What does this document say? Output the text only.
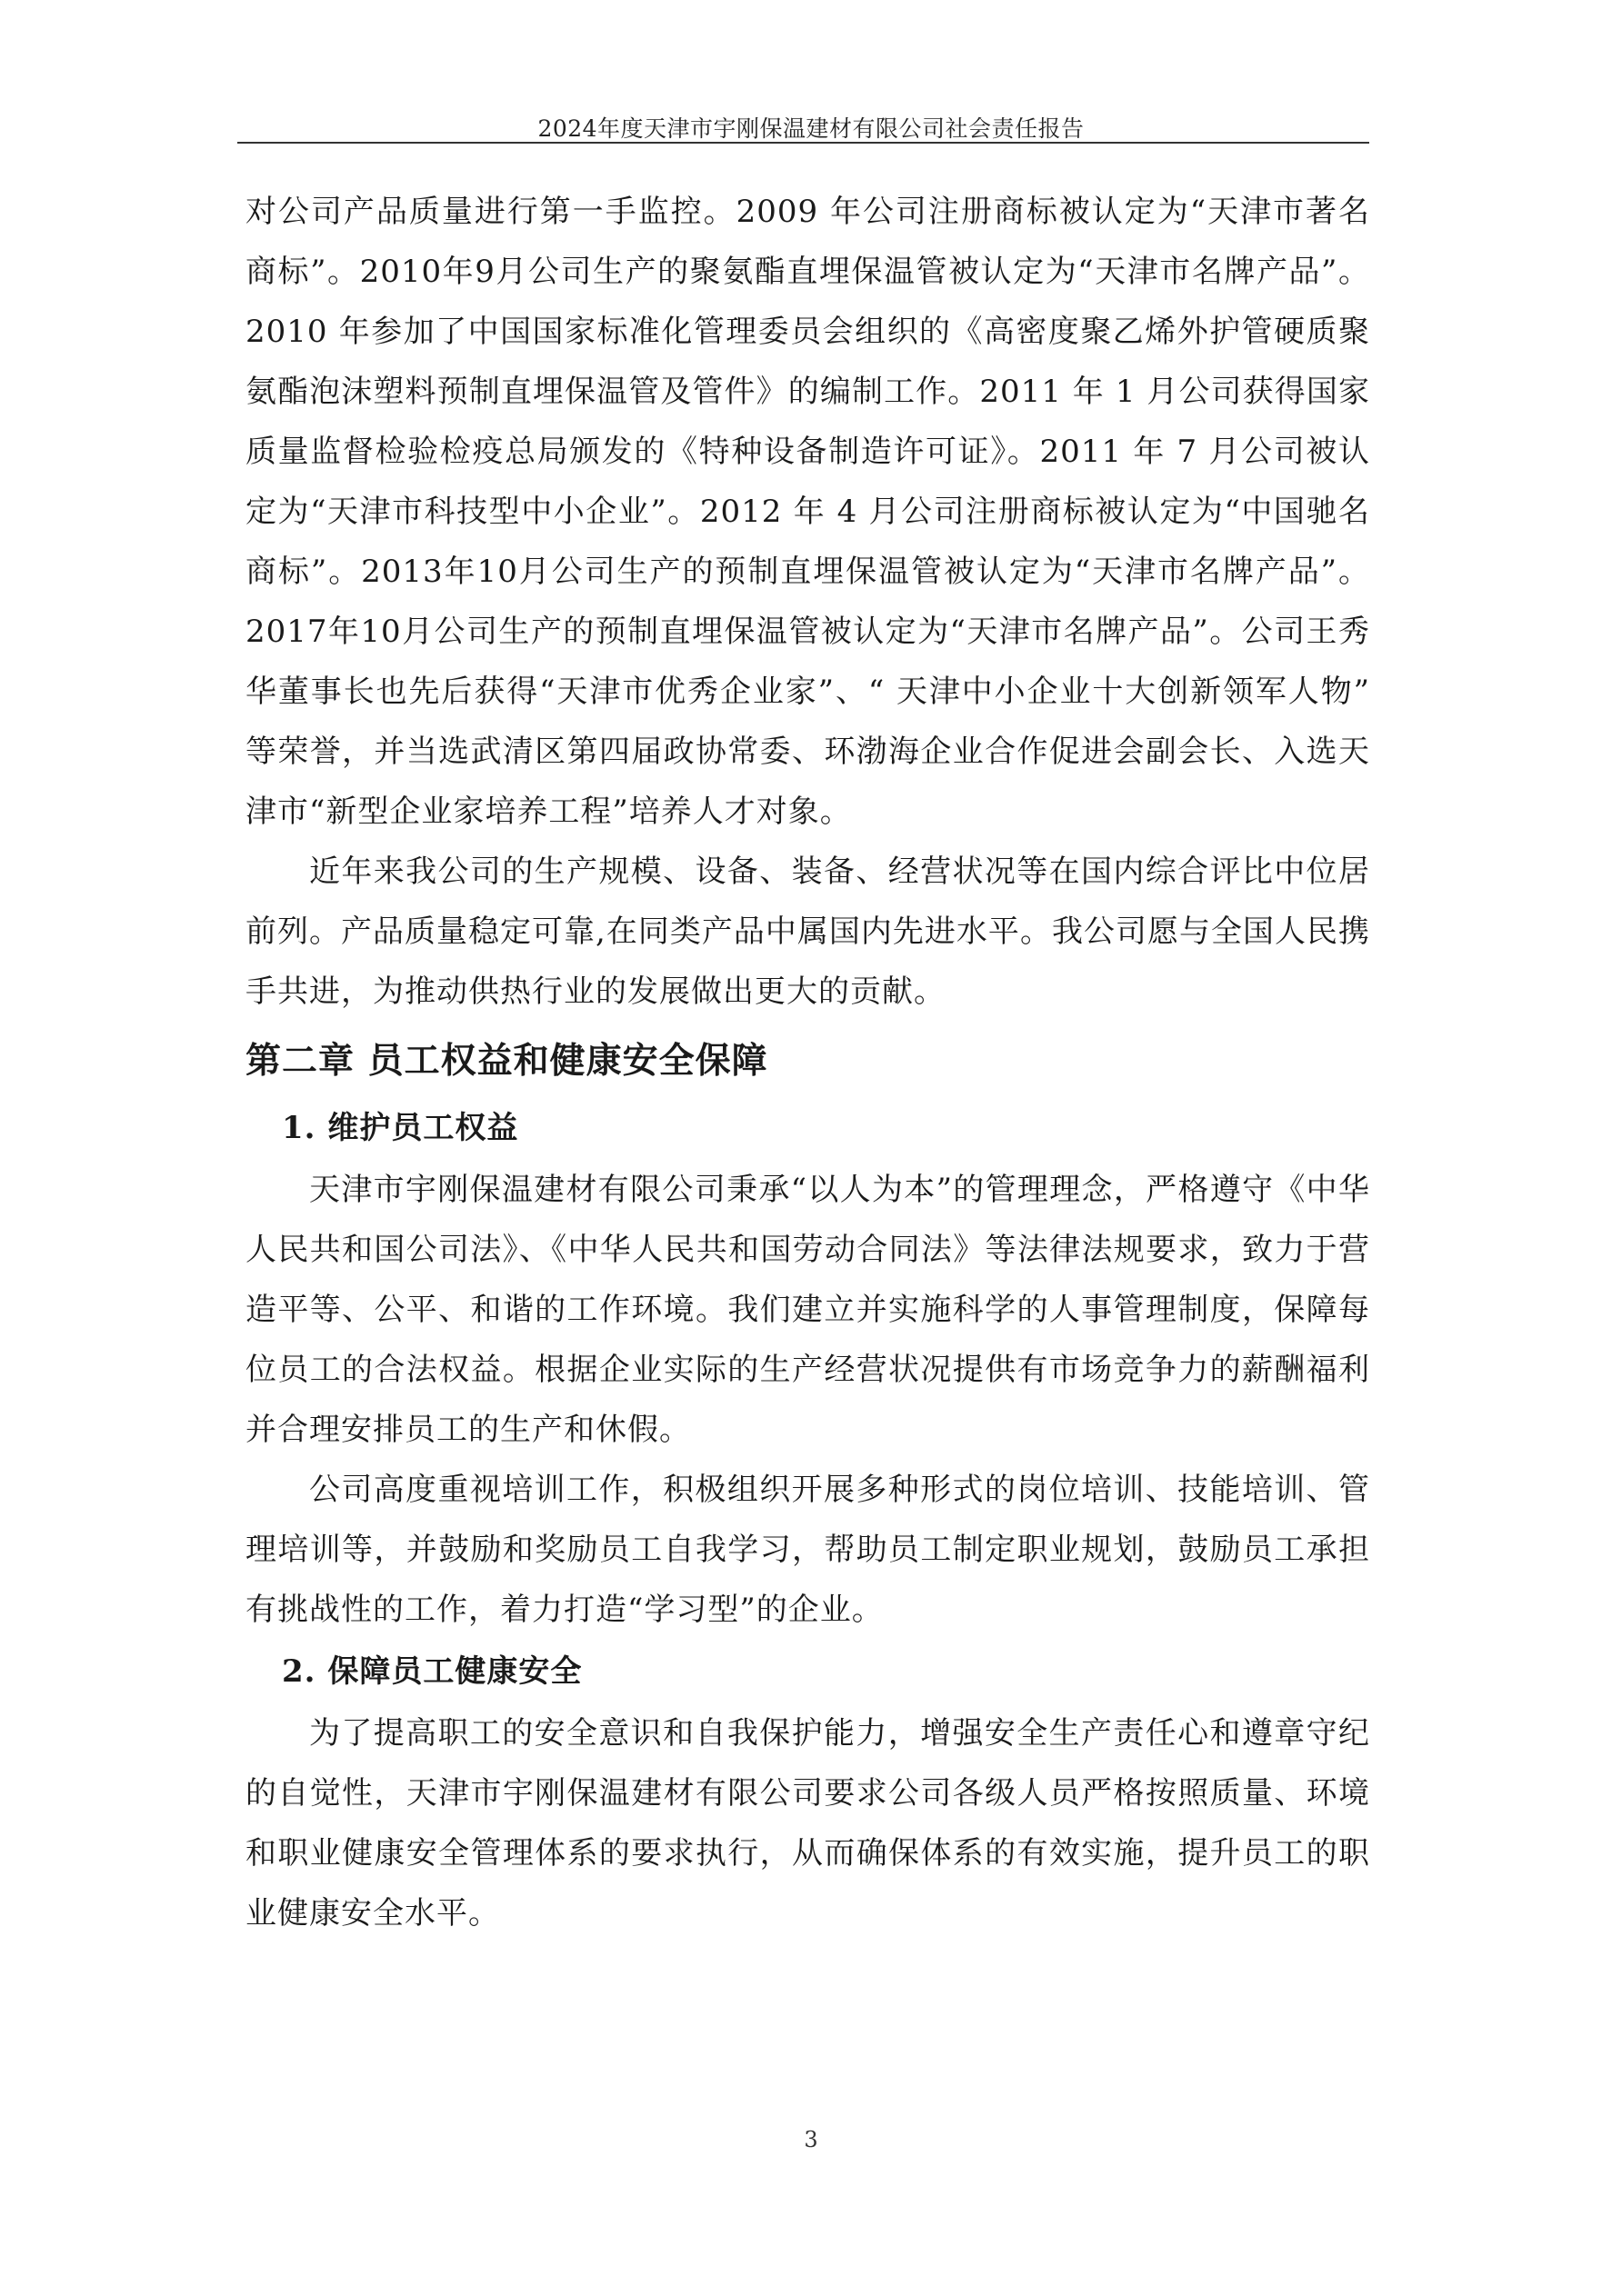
2024年度天津市宇刚保温建材有限公司社会责任报告

对公司产品质量进行第一手监控。2009 年公司注册商标被认定为“天津市著名商标”。2010年9月公司生产的聚氨酯直埋保温管被认定为“天津市名牌产品”。2010 年参加了中国国家标准化管理委员会组织的《高密度聚乙烯外护管硬质聚氨酯泡沫塑料预制直埋保温管及管件》的编制工作。2011 年 1 月公司获得国家质量监督检验检疫总局颁发的《特种设备制造许可证》。2011 年 7 月公司被认定为“天津市科技型中小企业”。2012 年 4 月公司注册商标被认定为“中国驰名商标”。2013年10月公司生产的预制直埋保温管被认定为“天津市名牌产品”。2017年10月公司生产的预制直埋保温管被认定为“天津市名牌产品”。公司王秀华董事长也先后获得“天津市优秀企业家”、“ 天津中小企业十大创新领军人物” 等荣誉，并当选武清区第四届政协常委、环渤海企业合作促进会副会长、入选天津市“新型企业家培养工程”培养人才对象。

近年来我公司的生产规模、设备、装备、经营状况等在国内综合评比中位居前列。产品质量稳定可靠,在同类产品中属国内先进水平。我公司愿与全国人民携手共进，为推动供热行业的发展做出更大的贡献。

第二章 员工权益和健康安全保障
1. 维护员工权益

天津市宇刚保温建材有限公司秉承“以人为本”的管理理念，严格遵守《中华人民共和国公司法》、《中华人民共和国劳动合同法》等法律法规要求，致力于营造平等、公平、和谐的工作环境。我们建立并实施科学的人事管理制度，保障每位员工的合法权益。根据企业实际的生产经营状况提供有市场竞争力的薪酬福利并合理安排员工的生产和休假。

公司高度重视培训工作，积极组织开展多种形式的岗位培训、技能培训、管理培训等，并鼓励和奖励员工自我学习，帮助员工制定职业规划，鼓励员工承担有挑战性的工作，着力打造“学习型”的企业。

2. 保障员工健康安全

为了提高职工的安全意识和自我保护能力，增强安全生产责任心和遵章守纪的自觉性，天津市宇刚保温建材有限公司要求公司各级人员严格按照质量、环境和职业健康安全管理体系的要求执行，从而确保体系的有效实施，提升员工的职业健康安全水平。

3
